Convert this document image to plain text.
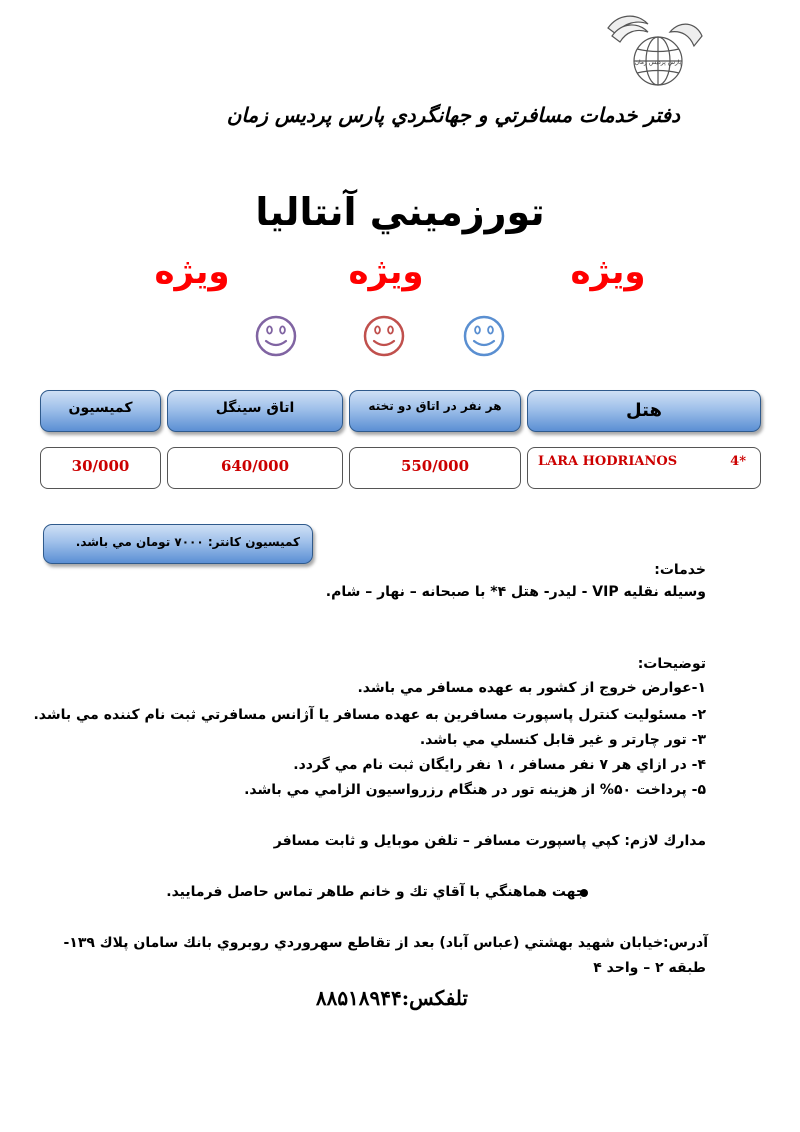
پارس پرديس زمان
دفتر خدمات مسافرتي و جهانگردي پارس پرديس زمان
تورزميني آنتاليا
ويژه
ويژه
ويژه
هتل
هر نفر در اتاق دو تخته
اتاق سينگل
كميسيون
LARA HODRIANOS	4*
550/000
640/000
30/000
كميسيون كانتر: ۷۰۰۰ تومان مي باشد.
خدمات:
وسيله نقليه VIP - ليدر- هتل ۴* با صبحانه – نهار – شام.
توضيحات:
۱-عوارض خروج از كشور به عهده مسافر مي باشد.
۲- مسئوليت كنترل پاسپورت مسافرين به عهده مسافر يا آژانس مسافرتي ثبت نام كننده مي باشد.
۳- تور چارتر و غير قابل كنسلي مي باشد.
۴- در ازاي هر ۷ نفر مسافر ، ۱ نفر رايگان ثبت نام مي گردد.
۵- پرداخت ۵۰% از هزينه تور در هنگام رزرواسيون الزامي مي باشد.
مدارك لازم: كپي پاسپورت مسافر – تلفن موبايل و ثابت مسافر
جهت هماهنگي با آقاي تك و خانم طاهر تماس حاصل فرماييد.
آدرس:خيابان شهيد بهشتي (عباس آباد) بعد از تقاطع سهروردي روبروي بانك سامان پلاك ۱۳۹-
طبقه ۲ – واحد ۴
تلفكس:۸۸۵۱۸۹۴۴
